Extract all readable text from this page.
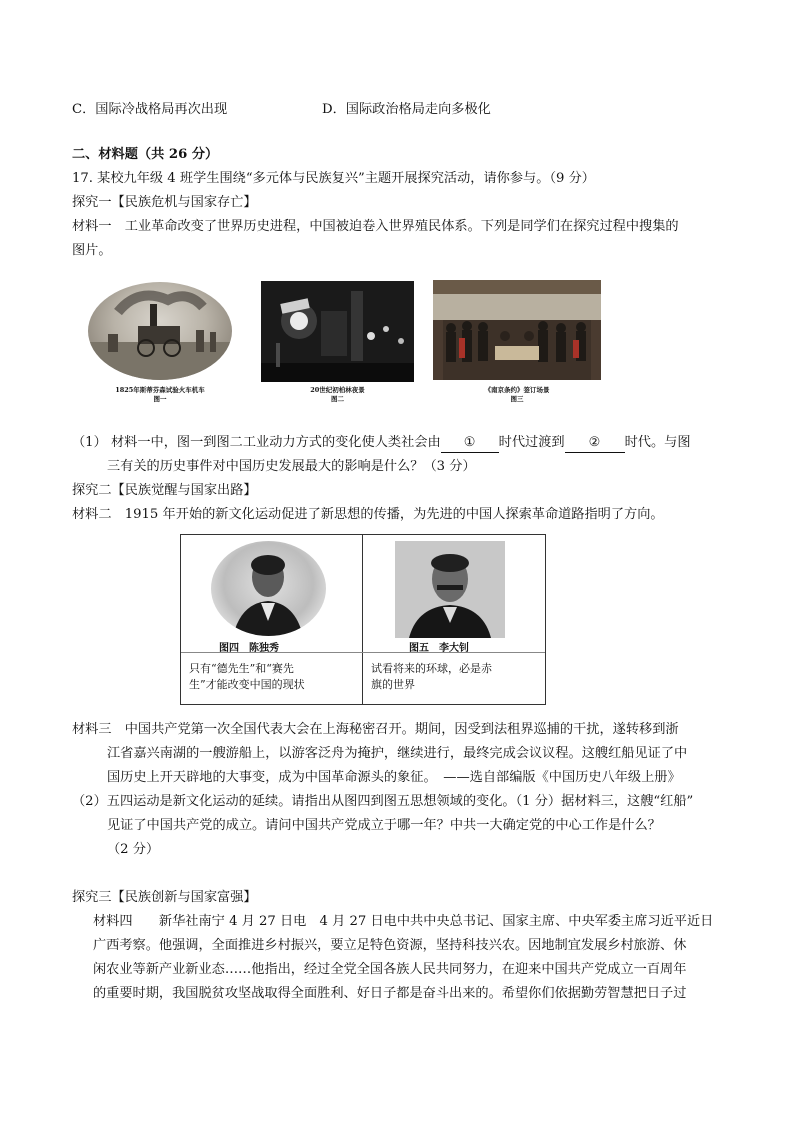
C．国际冷战格局再次出现	D．国际政治格局走向多极化
二、材料题（共 26 分）
17. 某校九年级 4 班学生围绕“多元体与民族复兴”主题开展探究活动，请你参与。（9 分）
探究一【民族危机与国家存亡】
材料一　工业革命改变了世界历史进程，中国被迫卷入世界殖民体系。下列是同学们在探究过程中搜集的
图片。
1825年斯蒂芬森试验火车机车
图一
20世纪初柏林夜景
图二
《南京条约》签订场景
图三
（1） 材料一中，图一到图二工业动力方式的变化使人类社会由 ① 时代过渡到 ② 时代。与图
三有关的历史事件对中国历史发展最大的影响是什么？（3 分）
探究二【民族觉醒与国家出路】
材料二　1915 年开始的新文化运动促进了新思想的传播，为先进的中国人探索革命道路指明了方向。
图四　陈独秀
只有“德先生”和“赛先
生”才能改变中国的现状
图五　李大钊
试看将来的环球，必是赤
旗的世界
材料三　中国共产党第一次全国代表大会在上海秘密召开。期间，因受到法租界巡捕的干扰，遂转移到浙
江省嘉兴南湖的一艘游船上，以游客泛舟为掩护，继续进行，最终完成会议议程。这艘红船见证了中
国历史上开天辟地的大事变，成为中国革命源头的象征。　——选自部编版《中国历史八年级上册》
（2）五四运动是新文化运动的延续。请指出从图四到图五思想领域的变化。（1 分）据材料三，这艘“红船”
见证了中国共产党的成立。请问中国共产党成立于哪一年？中共一大确定党的中心工作是什么？
（2 分）
探究三【民族创新与国家富强】
材料四　　新华社南宁 4 月 27 日电　4 月 27 日电中共中央总书记、国家主席、中央军委主席习近平近日
广西考察。他强调，全面推进乡村振兴，要立足特色资源，坚持科技兴农。因地制宜发展乡村旅游、休
闲农业等新产业新业态……他指出，经过全党全国各族人民共同努力，在迎来中国共产党成立一百周年
的重要时期，我国脱贫攻坚战取得全面胜利、好日子都是奋斗出来的。希望你们依据勤劳智慧把日子过
